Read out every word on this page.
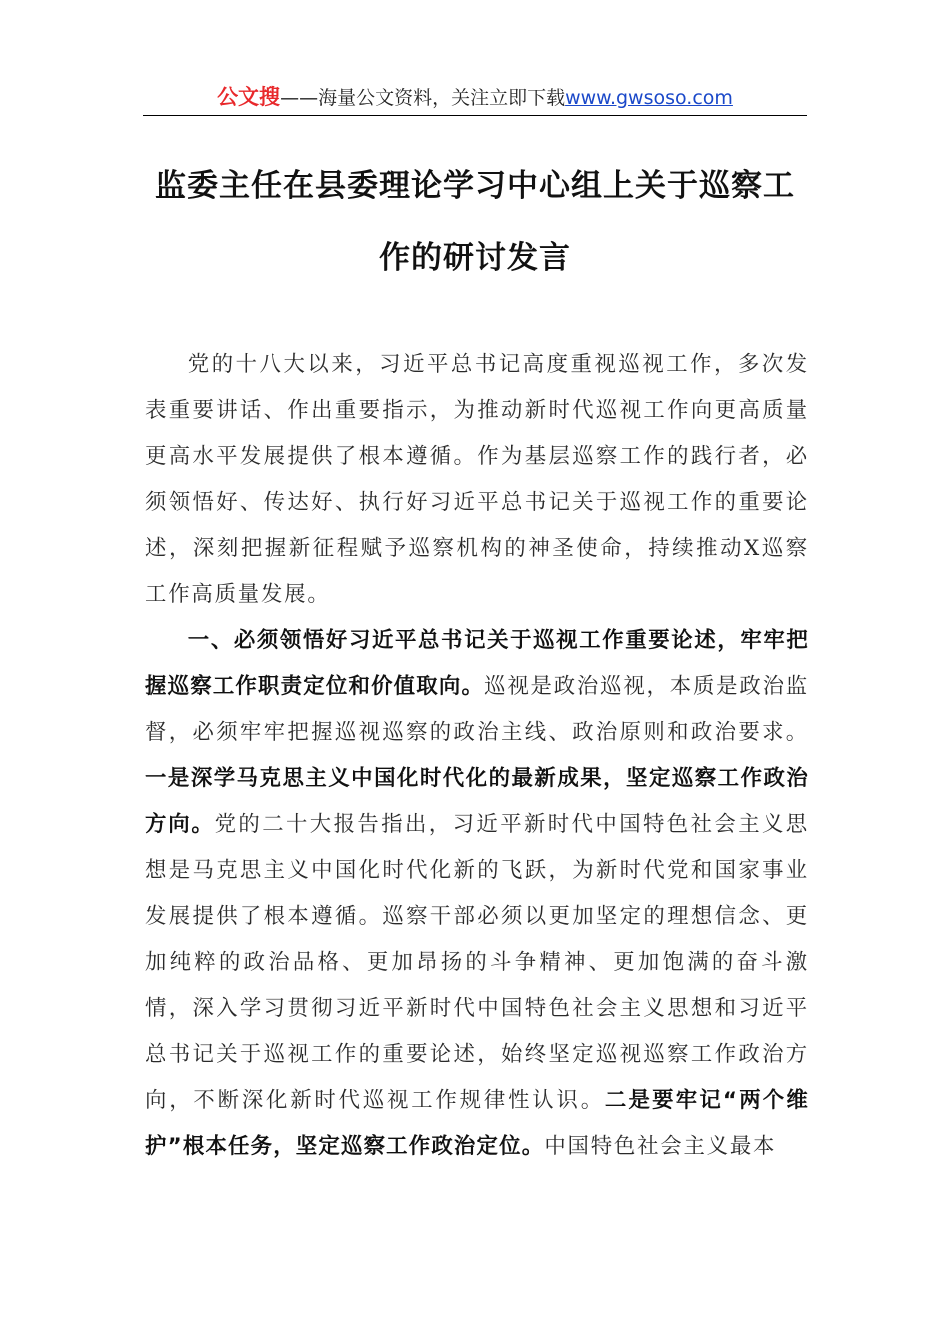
公文搜——海量公文资料，关注立即下载www.gwsoso.com
监委主任在县委理论学习中心组上关于巡察工作的研讨发言

党的十八大以来，习近平总书记高度重视巡视工作，多次发表重要讲话、作出重要指示，为推动新时代巡视工作向更高质量更高水平发展提供了根本遵循。作为基层巡察工作的践行者，必须领悟好、传达好、执行好习近平总书记关于巡视工作的重要论述，深刻把握新征程赋予巡察机构的神圣使命，持续推动X巡察工作高质量发展。

一、必须领悟好习近平总书记关于巡视工作重要论述，牢牢把握巡察工作职责定位和价值取向。巡视是政治巡视，本质是政治监督，必须牢牢把握巡视巡察的政治主线、政治原则和政治要求。一是深学马克思主义中国化时代化的最新成果，坚定巡察工作政治方向。党的二十大报告指出，习近平新时代中国特色社会主义思想是马克思主义中国化时代化新的飞跃，为新时代党和国家事业发展提供了根本遵循。巡察干部必须以更加坚定的理想信念、更加纯粹的政治品格、更加昂扬的斗争精神、更加饱满的奋斗激情，深入学习贯彻习近平新时代中国特色社会主义思想和习近平总书记关于巡视工作的重要论述，始终坚定巡视巡察工作政治方向，不断深化新时代巡视工作规律性认识。二是要牢记“两个维护”根本任务，坚定巡察工作政治定位。中国特色社会主义最本
